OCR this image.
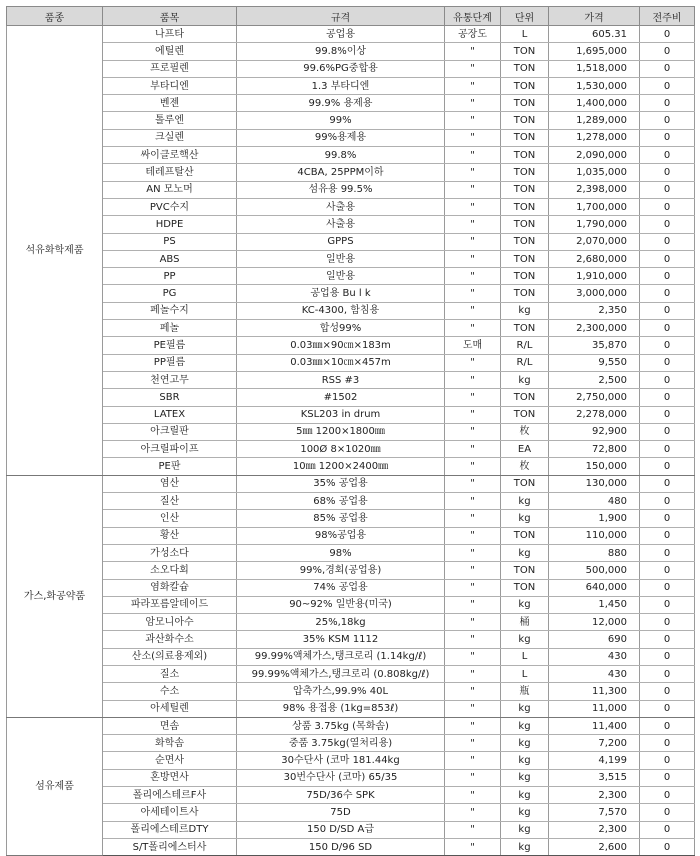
품종	품목	규격	유통단계	단위	가격	전주비
석유화학제품	나프타	공업용	공장도	L	605.31	0
	에틸렌	99.8%이상	"	TON	1,695,000	0
	프로필렌	99.6%PG중합용	"	TON	1,518,000	0
	부타디엔	1.3 부타디엔	"	TON	1,530,000	0
	벤젠	99.9% 용제용	"	TON	1,400,000	0
	톨루엔	99%	"	TON	1,289,000	0
	크실렌	99%용제용	"	TON	1,278,000	0
	싸이클로핵산	99.8%	"	TON	2,090,000	0
	테레프탈산	4CBA, 25PPM이하	"	TON	1,035,000	0
	AN 모노머	섬유용 99.5%	"	TON	2,398,000	0
	PVC수지	사출용	"	TON	1,700,000	0
	HDPE	사출용	"	TON	1,790,000	0
	PS	GPPS	"	TON	2,070,000	0
	ABS	일반용	"	TON	2,680,000	0
	PP	일반용	"	TON	1,910,000	0
	PG	공업용 Bu l k	"	TON	3,000,000	0
	페놀수지	KC-4300, 함침용	"	kg	2,350	0
	페놀	합성99%	"	TON	2,300,000	0
	PE필름	0.03㎜×90㎝×183m	도매	R/L	35,870	0
	PP필름	0.03㎜×10㎝×457m	"	R/L	9,550	0
	천연고무	RSS #3	"	kg	2,500	0
	SBR	#1502	"	TON	2,750,000	0
	LATEX	KSL203 in drum	"	TON	2,278,000	0
	아크릴판	5㎜ 1200×1800㎜	"	枚	92,900	0
	아크릴파이프	100Ø 8×1020㎜	"	EA	72,800	0
	PE판	10㎜ 1200×2400㎜	"	枚	150,000	0
가스,화공약품	염산	35% 공업용	"	TON	130,000	0
	질산	68% 공업용	"	kg	480	0
	인산	85% 공업용	"	kg	1,900	0
	황산	98%공업용	"	TON	110,000	0
	가성소다	98%	"	kg	880	0
	소오다회	99%,경회(공업용)	"	TON	500,000	0
	염화칼슘	74% 공업용	"	TON	640,000	0
	파라포름알데이드	90~92% 일반용(미국)	"	kg	1,450	0
	암모니아수	25%,18kg	"	桶	12,000	0
	과산화수소	35% KSM 1112	"	kg	690	0
	산소(의료용제외)	99.99%액체가스,탱크로리 (1.14kg/ℓ)	"	L	430	0
	질소	99.99%액체가스,탱크로리 (0.808kg/ℓ)	"	L	430	0
	수소	압축가스,99.9% 40L	"	瓶	11,300	0
	아세틸렌	98% 용접용 (1kg=853ℓ)	"	kg	11,000	0
섬유제품	면솜	상품 3.75kg (목화솜)	"	kg	11,400	0
	화학솜	중품 3.75kg(열처리용)	"	kg	7,200	0
	순면사	30수단사 (코마 181.44kg	"	kg	4,199	0
	혼방면사	30번수단사 (코마) 65/35	"	kg	3,515	0
	폴리에스테르F사	75D/36수 SPK	"	kg	2,300	0
	아세테이트사	75D	"	kg	7,570	0
	폴리에스테르DTY	150 D/SD A급	"	kg	2,300	0
	S/T폴리에스터사	150 D/96 SD	"	kg	2,600	0
